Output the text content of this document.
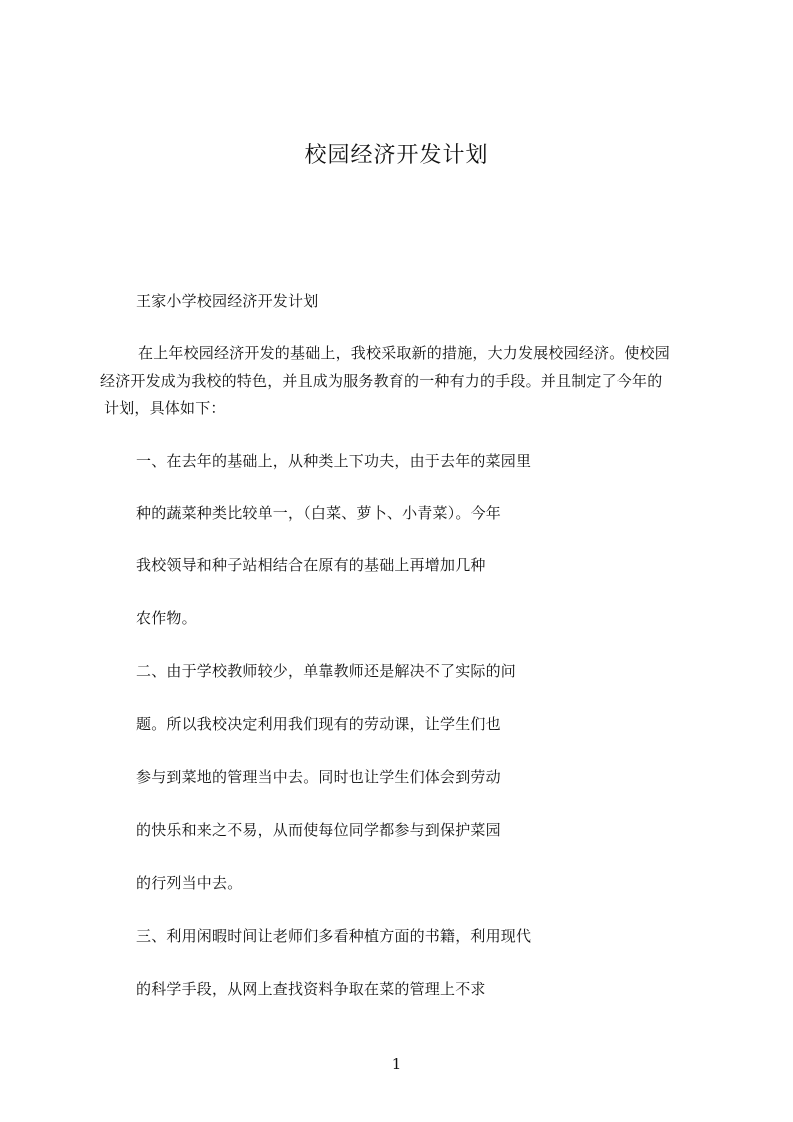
校园经济开发计划
王家小学校园经济开发计划
在上年校园经济开发的基础上，我校采取新的措施，大力发展校园经济。使校园
经济开发成为我校的特色，并且成为服务教育的一种有力的手段。并且制定了今年的
计划，具体如下：
一、在去年的基础上，从种类上下功夫，由于去年的菜园里
种的蔬菜种类比较单一，（白菜、萝卜、小青菜）。今年
我校领导和种子站相结合在原有的基础上再增加几种
农作物。
二、由于学校教师较少，单靠教师还是解决不了实际的问
题。所以我校决定利用我们现有的劳动课，让学生们也
参与到菜地的管理当中去。同时也让学生们体会到劳动
的快乐和来之不易，从而使每位同学都参与到保护菜园
的行列当中去。
三、利用闲暇时间让老师们多看种植方面的书籍，利用现代
的科学手段，从网上查找资料争取在菜的管理上不求
1
